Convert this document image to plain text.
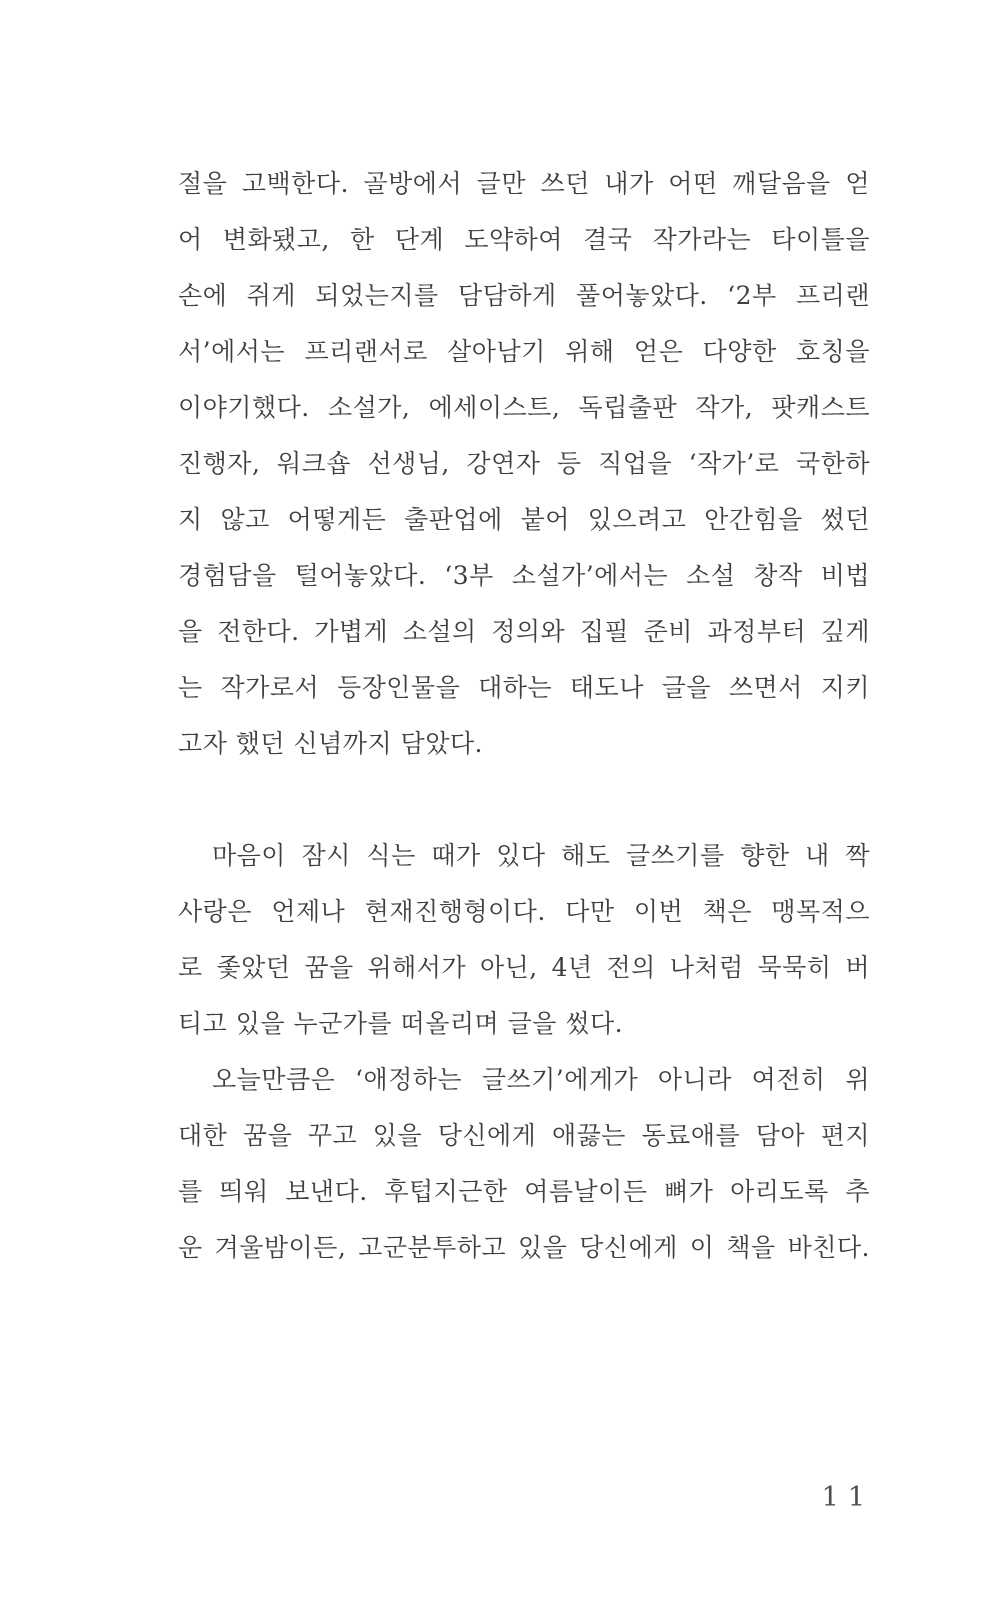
절을 고백한다. 골방에서 글만 쓰던 내가 어떤 깨달음을 얻
어 변화됐고, 한 단계 도약하여 결국 작가라는 타이틀을
손에 쥐게 되었는지를 담담하게 풀어놓았다. ‘2부 프리랜
서’에서는 프리랜서로 살아남기 위해 얻은 다양한 호칭을
이야기했다. 소설가, 에세이스트, 독립출판 작가, 팟캐스트
진행자, 워크숍 선생님, 강연자 등 직업을 ‘작가’로 국한하
지 않고 어떻게든 출판업에 붙어 있으려고 안간힘을 썼던
경험담을 털어놓았다. ‘3부 소설가’에서는 소설 창작 비법
을 전한다. 가볍게 소설의 정의와 집필 준비 과정부터 깊게
는 작가로서 등장인물을 대하는 태도나 글을 쓰면서 지키
고자 했던 신념까지 담았다.
마음이 잠시 식는 때가 있다 해도 글쓰기를 향한 내 짝
사랑은 언제나 현재진행형이다. 다만 이번 책은 맹목적으
로 좇았던 꿈을 위해서가 아닌, 4년 전의 나처럼 묵묵히 버
티고 있을 누군가를 떠올리며 글을 썼다.
오늘만큼은 ‘애정하는 글쓰기’에게가 아니라 여전히 위
대한 꿈을 꾸고 있을 당신에게 애끓는 동료애를 담아 편지
를 띄워 보낸다. 후텁지근한 여름날이든 뼈가 아리도록 추
운 겨울밤이든, 고군분투하고 있을 당신에게 이 책을 바친다.
11
